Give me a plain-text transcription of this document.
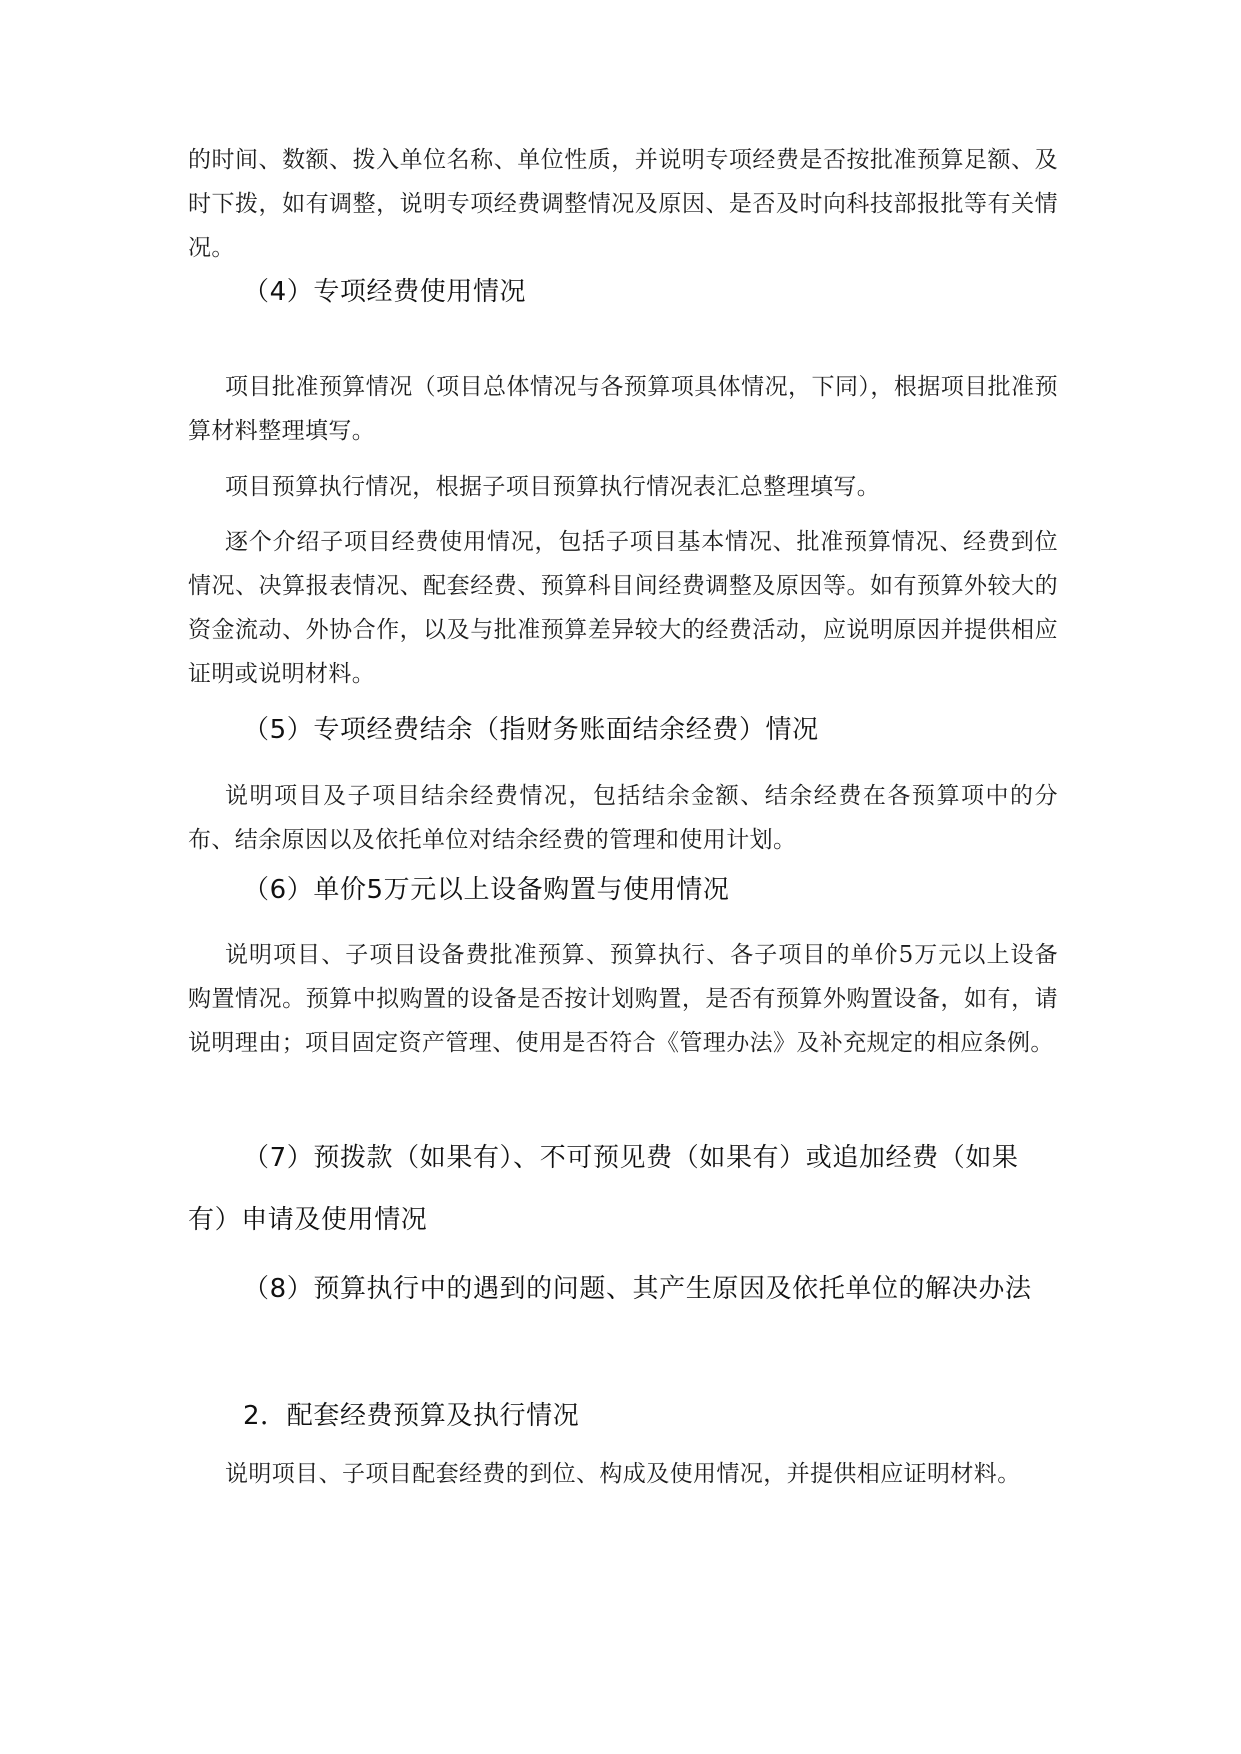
的时间、数额、拨入单位名称、单位性质，并说明专项经费是否按批准预算足额、及时下拨，如有调整，说明专项经费调整情况及原因、是否及时向科技部报批等有关情况。

（4）专项经费使用情况

项目批准预算情况（项目总体情况与各预算项具体情况，下同），根据项目批准预算材料整理填写。

项目预算执行情况，根据子项目预算执行情况表汇总整理填写。

逐个介绍子项目经费使用情况，包括子项目基本情况、批准预算情况、经费到位情况、决算报表情况、配套经费、预算科目间经费调整及原因等。如有预算外较大的资金流动、外协合作，以及与批准预算差异较大的经费活动，应说明原因并提供相应证明或说明材料。

（5）专项经费结余（指财务账面结余经费）情况

说明项目及子项目结余经费情况，包括结余金额、结余经费在各预算项中的分布、结余原因以及依托单位对结余经费的管理和使用计划。

（6）单价5万元以上设备购置与使用情况

说明项目、子项目设备费批准预算、预算执行、各子项目的单价5万元以上设备购置情况。预算中拟购置的设备是否按计划购置，是否有预算外购置设备，如有，请说明理由；项目固定资产管理、使用是否符合《管理办法》及补充规定的相应条例。

（7）预拨款（如果有）、不可预见费（如果有）或追加经费（如果有）申请及使用情况

（8）预算执行中的遇到的问题、其产生原因及依托单位的解决办法

2．配套经费预算及执行情况

说明项目、子项目配套经费的到位、构成及使用情况，并提供相应证明材料。
